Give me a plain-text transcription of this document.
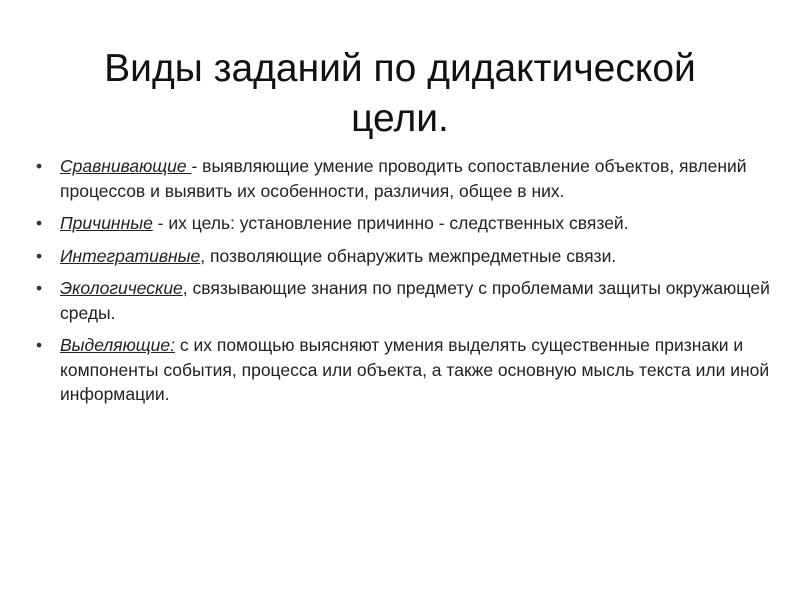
Виды заданий по дидактической
цели.
• Сравнивающие - выявляющие умение проводить сопоставление объектов, явлений процессов и выявить их особенности, различия, общее в них.
• Причинные - их цель: установление причинно - следственных связей.
• Интегративные, позволяющие обнаружить межпредметные связи.
• Экологические, связывающие знания по предмету с проблемами защиты окружающей среды.
• Выделяющие: с их помощью выясняют умения выделять существенные признаки и компоненты события, процесса или объекта, а также основную мысль текста или иной информации.
